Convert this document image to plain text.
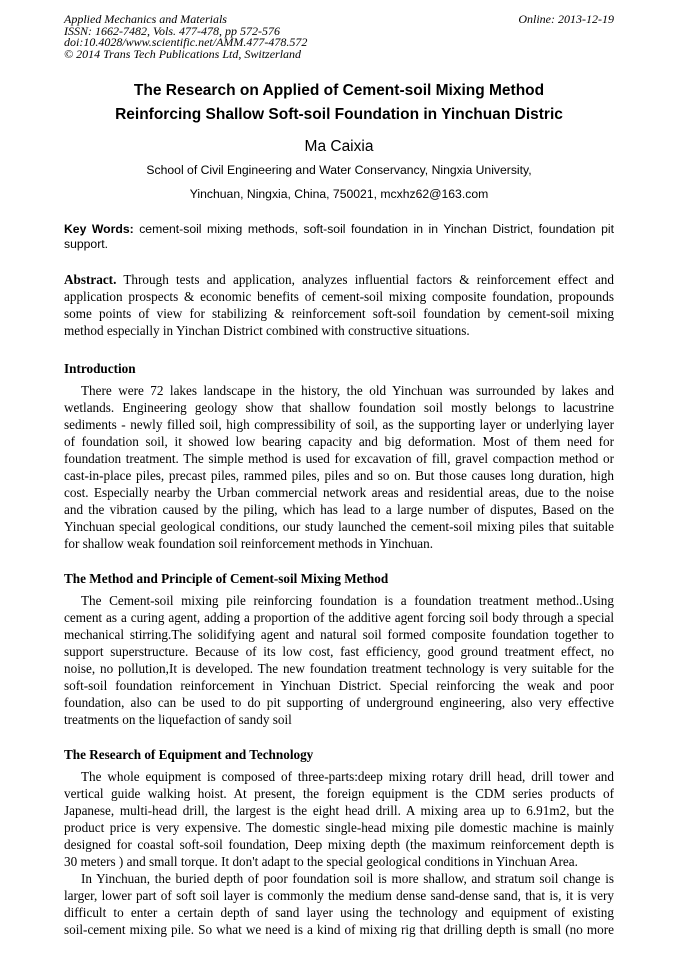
Applied Mechanics and Materials
ISSN: 1662-7482, Vols. 477-478, pp 572-576
doi:10.4028/www.scientific.net/AMM.477-478.572
© 2014 Trans Tech Publications Ltd, Switzerland
Online: 2013-12-19
The Research on Applied of Cement-soil Mixing Method
Reinforcing Shallow Soft-soil Foundation in Yinchuan Distric
Ma Caixia
School of Civil Engineering and Water Conservancy, Ningxia University,
Yinchuan, Ningxia, China, 750021, mcxhz62@163.com
Key Words: cement-soil mixing methods, soft-soil foundation in in Yinchan District, foundation pit support.
Abstract. Through tests and application, analyzes influential factors & reinforcement effect and
application prospects & economic benefits of cement-soil mixing composite foundation, propounds
some points of view for stabilizing & reinforcement soft-soil foundation by cement-soil mixing
method especially in Yinchan District combined with constructive situations.
Introduction
There were 72 lakes landscape in the history, the old Yinchuan was surrounded by lakes and
wetlands. Engineering geology show that shallow foundation soil mostly belongs to lacustrine
sediments - newly filled soil, high compressibility of soil, as the supporting layer or underlying layer
of foundation soil, it showed low bearing capacity and big deformation. Most of them need for
foundation treatment. The simple method is used for excavation of fill, gravel compaction method or
cast-in-place piles, precast piles, rammed piles, piles and so on. But those causes long duration, high
cost. Especially nearby the Urban commercial network areas and residential areas, due to the noise
and the vibration caused by the piling, which has lead to a large number of disputes, Based on the
Yinchuan special geological conditions, our study launched the cement-soil mixing piles that suitable
for shallow weak foundation soil reinforcement methods in Yinchuan.
The Method and Principle of Cement-soil Mixing Method
The Cement-soil mixing pile reinforcing foundation is a foundation treatment method..Using
cement as a curing agent, adding a proportion of the additive agent forcing soil body through a special
mechanical stirring.The solidifying agent and natural soil formed composite foundation together to
support superstructure. Because of its low cost, fast efficiency, good ground treatment effect, no
noise, no pollution,It is developed. The new foundation treatment technology is very suitable for the
soft-soil foundation reinforcement in Yinchuan District. Special reinforcing the weak and poor
foundation, also can be used to do pit supporting of underground engineering, also very effective
treatments on the liquefaction of sandy soil
The Research of Equipment and Technology
The whole equipment is composed of three-parts:deep mixing rotary drill head, drill tower and
vertical guide walking hoist. At present, the foreign equipment is the CDM series products of
Japanese, multi-head drill, the largest is the eight head drill. A mixing area up to 6.91m2, but the
product price is very expensive. The domestic single-head mixing pile domestic machine is mainly
designed for coastal soft-soil foundation, Deep mixing depth (the maximum reinforcement depth is
30 meters ) and small torque. It don't adapt to the special geological conditions in Yinchuan Area.
In Yinchuan, the buried depth of poor foundation soil is more shallow, and stratum soil change is
larger, lower part of soft soil layer is commonly the medium dense sand-dense sand, that is, it is very
difficult to enter a certain depth of sand layer using the technology and equipment of existing
soil-cement mixing pile. So what we need is a kind of mixing rig that drilling depth is small (no more
